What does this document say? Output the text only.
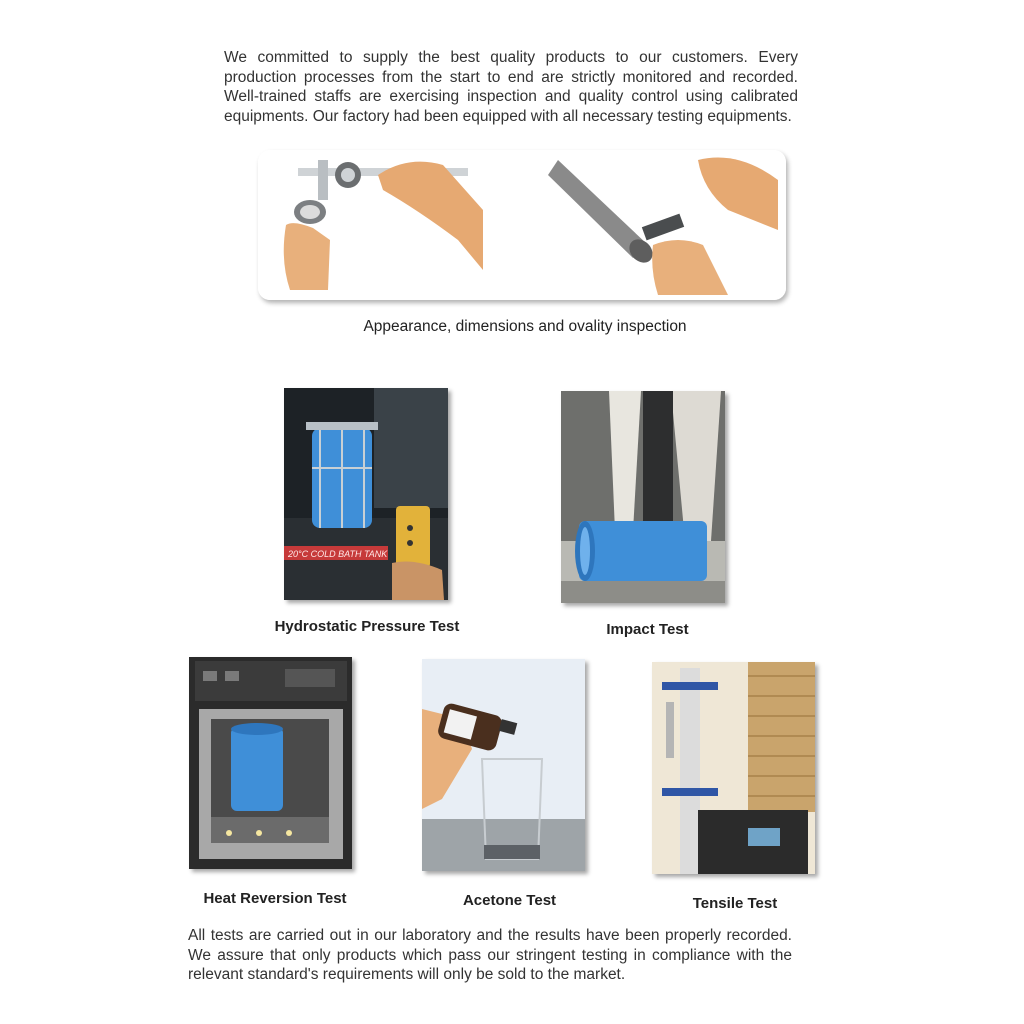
We committed to supply the best quality products to our customers. Every production processes from the start to end are strictly monitored and recorded. Well-trained staffs are exercising inspection and quality control using calibrated equipments. Our factory had been equipped with all necessary testing equipments.

Appearance, dimensions and ovality inspection
20°C COLD BATH TANK
Hydrostatic Pressure Test	Impact Test
Heat Reversion Test	Acetone Test	Tensile Test

All tests are carried out in our laboratory and the results have been properly recorded. We assure that only products which pass our stringent testing in compliance with the relevant standard's requirements will only be sold to the market.
